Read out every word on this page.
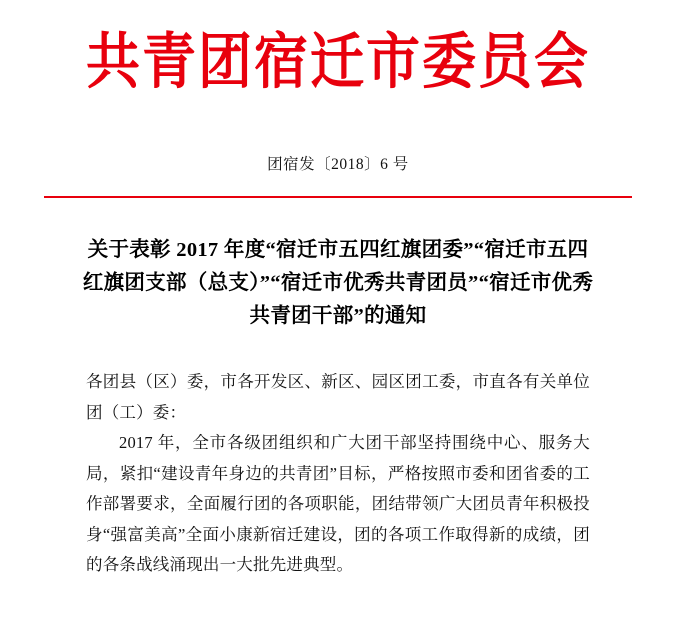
共青团宿迁市委员会
团宿发〔2018〕6 号
关于表彰 2017 年度“宿迁市五四红旗团委”“宿迁市五四红旗团支部（总支）”“宿迁市优秀共青团员”“宿迁市优秀共青团干部”的通知

各团县（区）委，市各开发区、新区、园区团工委，市直各有关单位团（工）委：

2017 年，全市各级团组织和广大团干部坚持围绕中心、服务大局，紧扣“建设青年身边的共青团”目标，严格按照市委和团省委的工作部署要求，全面履行团的各项职能，团结带领广大团员青年积极投身“强富美高”全面小康新宿迁建设，团的各项工作取得新的成绩，团的各条战线涌现出一大批先进典型。
